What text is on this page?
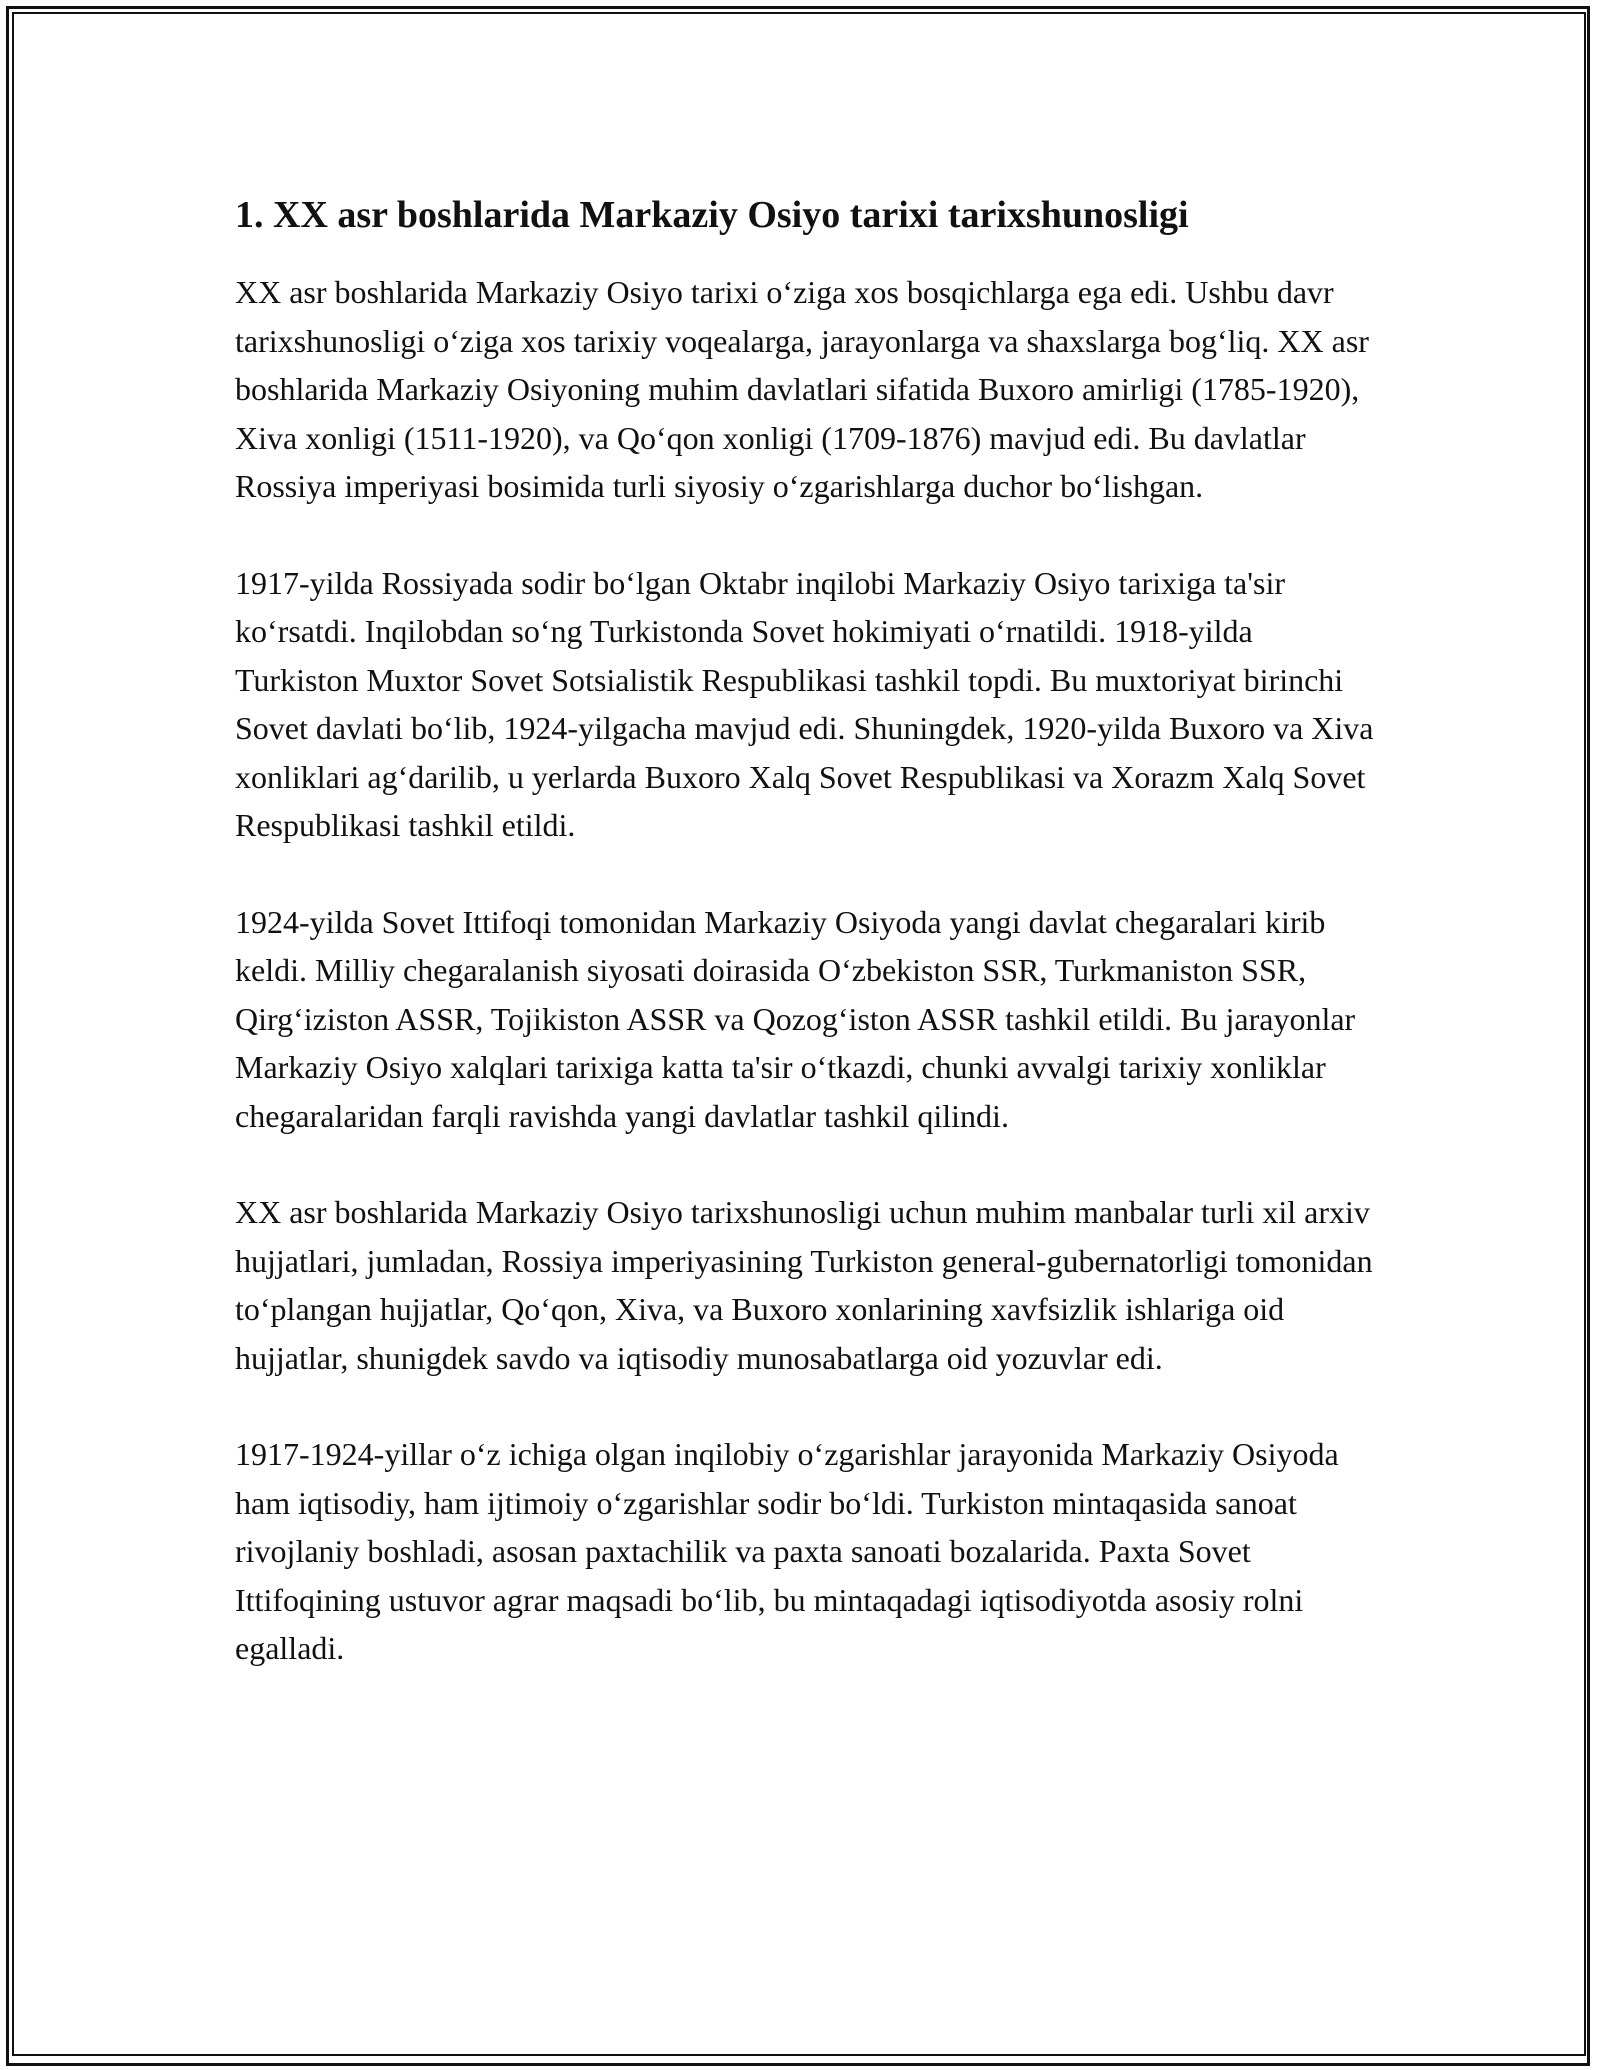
1. XX asr boshlarida Markaziy Osiyo tarixi tarixshunosligi

XX asr boshlarida Markaziy Osiyo tarixi o‘ziga xos bosqichlarga ega edi. Ushbu davr tarixshunosligi o‘ziga xos tarixiy voqealarga, jarayonlarga va shaxslarga bog‘liq. XX asr boshlarida Markaziy Osiyoning muhim davlatlari sifatida Buxoro amirligi (1785-1920), Xiva xonligi (1511-1920), va Qo‘qon xonligi (1709-1876) mavjud edi. Bu davlatlar Rossiya imperiyasi bosimida turli siyosiy o‘zgarishlarga duchor bo‘lishgan.

1917-yilda Rossiyada sodir bo‘lgan Oktabr inqilobi Markaziy Osiyo tarixiga ta'sir ko‘rsatdi. Inqilobdan so‘ng Turkistonda Sovet hokimiyati o‘rnatildi. 1918-yilda Turkiston Muxtor Sovet Sotsialistik Respublikasi tashkil topdi. Bu muxtoriyat birinchi Sovet davlati bo‘lib, 1924-yilgacha mavjud edi. Shuningdek, 1920-yilda Buxoro va Xiva xonliklari ag‘darilib, u yerlarda Buxoro Xalq Sovet Respublikasi va Xorazm Xalq Sovet Respublikasi tashkil etildi.

1924-yilda Sovet Ittifoqi tomonidan Markaziy Osiyoda yangi davlat chegaralari kirib keldi. Milliy chegaralanish siyosati doirasida O‘zbekiston SSR, Turkmaniston SSR, Qirg‘iziston ASSR, Tojikiston ASSR va Qozog‘iston ASSR tashkil etildi. Bu jarayonlar Markaziy Osiyo xalqlari tarixiga katta ta'sir o‘tkazdi, chunki avvalgi tarixiy xonliklar chegaralaridan farqli ravishda yangi davlatlar tashkil qilindi.

XX asr boshlarida Markaziy Osiyo tarixshunosligi uchun muhim manbalar turli xil arxiv hujjatlari, jumladan, Rossiya imperiyasining Turkiston general-gubernatorligi tomonidan to‘plangan hujjatlar, Qo‘qon, Xiva, va Buxoro xonlarining xavfsizlik ishlariga oid hujjatlar, shunigdek savdo va iqtisodiy munosabatlarga oid yozuvlar edi.

1917-1924-yillar o‘z ichiga olgan inqilobiy o‘zgarishlar jarayonida Markaziy Osiyoda ham iqtisodiy, ham ijtimoiy o‘zgarishlar sodir bo‘ldi. Turkiston mintaqasida sanoat rivojlaniy boshladi, asosan paxtachilik va paxta sanoati bozalarida. Paxta Sovet Ittifoqining ustuvor agrar maqsadi bo‘lib, bu mintaqadagi iqtisodiyotda asosiy rolni egalladi.
